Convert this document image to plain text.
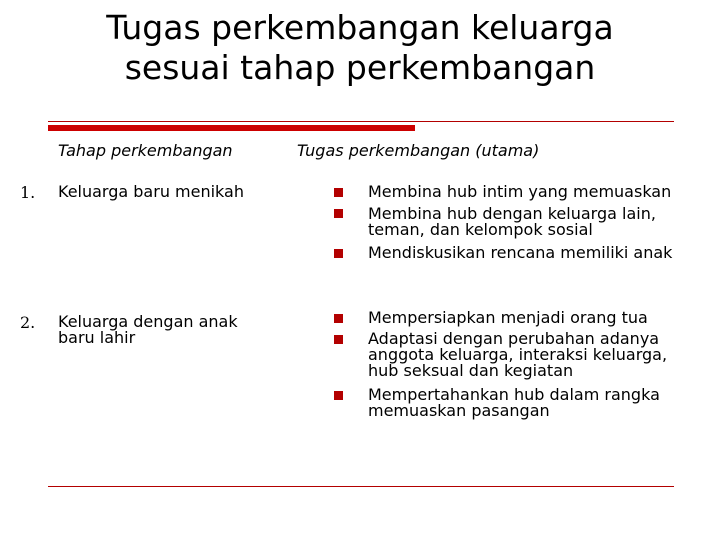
Tugas perkembangan keluarga
sesuai tahap perkembangan
Tahap perkembangan	Tugas perkembangan (utama)
1. Keluarga baru menikah	Membina hub intim yang memuaskan
Membina hub dengan keluarga lain,
teman, dan kelompok sosial
Mendiskusikan rencana memiliki anak
2. Keluarga dengan anak
baru lahir
Mempersiapkan menjadi orang tua
Adaptasi dengan perubahan adanya
anggota keluarga, interaksi keluarga,
hub seksual dan kegiatan
Mempertahankan hub dalam rangka
memuaskan pasangan
